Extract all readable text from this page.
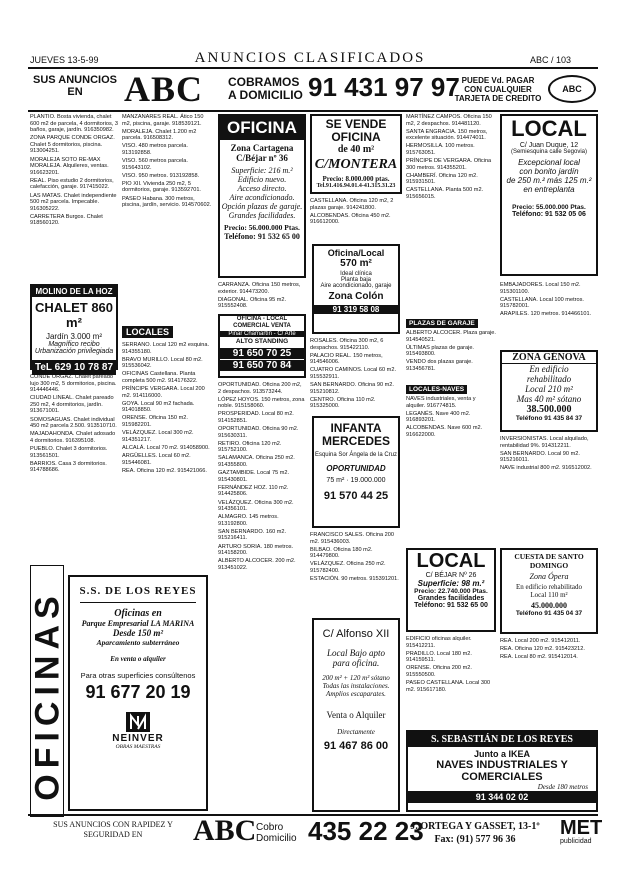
JUEVES 13-5-99	ANUNCIOS CLASIFICADOS	ABC / 103
SUS ANUNCIOS EN	ABC COBRAMOS A DOMICILIO 91 431 97 97 PUEDE Vd. PAGAR CON CUALQUIER TARJETA DE CREDITO
ABC

PLANTIO. Bosta vivienda, chalet 600 m2 de parcela, 4 dormitorios, 3 baños, garaje, jardín. 916350982.

ZONA PARQUE CONDE ORGAZ. Chalet 5 dormitorios, piscina. 913004251.

MORALEJA SOTO RE-MAX MORALEJA. Alquileres, ventas. 916623201.

REAL. Piso estudio 2 dormitorios, calefacción, garaje. 917415022.

LAS MATAS. Chalet independiente 500 m2 parcela. Impecable. 916305222.

CARRETERA Burgos. Chalet 918560120.

MOLINO DE LA HOZ
CHALET 860 m²
Jardín 3.000 m²
Magnífico recibo
Urbanización privilegiada
TeL 629 10 78 87

CONDE ORGAZ. Chalet pareado lujo 300 m2, 5 dormitorios, piscina. 914446446.

CIUDAD LINEAL. Chalet pareado 250 m2, 4 dormitorios, jardín. 913671001.

SOMOSAGUAS. Chalet individual 450 m2 parcela 2.500. 913510710.

MAJADAHONDA. Chalet adosado 4 dormitorios. 916395108.

PUEBLO. Chalet 3 dormitorios. 913561501.

BARRIOS. Casa 3 dormitorios. 914788686.

MANZANARES REAL. Ático 150 m2, piscina, garaje. 918539121.

MORALEJA. Chalet 1.200 m2 parcela. 916508312.

VISO. 480 metros parcela. 913192858.

VISO. 560 metros parcela. 915643102.

VISO. 950 metros. 913192858.

PIO XII. Vivienda 250 m2, 5 dormitorios, garaje. 913592701.

PASEO Habana. 300 metros, piscina, jardín, servicio. 914570602.

LOCALES

SERRANO. Local 120 m2 esquina. 914355180.

BRAVO MURILLO. Local 80 m2. 915536042.

OFICINAS Castellana. Planta completa 500 m2. 914176322.

PRÍNCIPE VERGARA. Local 200 m2. 914116000.

GOYA. Local 90 m2 fachada. 914018850.

ORENSE. Oficina 150 m2. 915982201.

VELÁZQUEZ. Local 300 m2. 914351217.

ALCALÁ. Local 70 m2. 914058900.

ARGÜELLES. Local 60 m2. 915446081.

REA. Oficina 120 m2. 915421066.

OFICINA
Zona Cartagena
C/Béjar nº 36
Superficie: 216 m.²
Edificio nuevo.
Acceso directo.
Aire acondicionado.
Opción plazas de garaje.
Grandes facilidades.
Precio: 56.000.000 Ptas.
Teléfono: 91 532 65 00

CARRANZA. Oficina 150 metros, exterior. 914473200.

DIAGONAL. Oficina 95 m2. 915552408.

OFICINA - LOCAL COMERCIAL VENTA
Pinar Chamartín - C/ Arte
ALTO STANDING
91 650 70 25
91 650 70 84

OPORTUNIDAD. Oficina 200 m2, 2 despachos. 913573244.

LÓPEZ HOYOS. 150 metros, zona noble. 915158060.

PROSPERIDAD. Local 80 m2. 914152851.

OPORTUNIDAD. Oficina 90 m2. 915630311.

RETIRO. Oficina 120 m2. 915752100.

SALAMANCA. Oficina 250 m2. 914355800.

GAZTAMBIDE. Local 75 m2. 915430801.

FERNÁNDEZ HOZ. 110 m2. 914425806.

VELÁZQUEZ. Oficina 300 m2. 914356101.

ALMAGRO. 145 metros. 913192800.

SAN BERNARDO. 160 m2. 915216411.

ARTURO SORIA. 180 metros. 914158200.

ALBERTO ALCOCER. 200 m2. 913451022.

SE VENDE OFICINA
de 40 m²
C/MONTERA
Precio: 8.000.000 ptas.
Tel.91.416.94.01.4-41.315.31.23

CASTELLANA. Oficina 120 m2, 2 plazas garaje. 914241800.

ALCOBENDAS. Oficina 450 m2. 916612000.

Oficina/Local
570 m²
Ideal clínica
Planta baja
Aire acondicionado, garaje
Zona Colón
91 319 58 08

ROSALES. Oficina 300 m2, 6 despachos. 915422110.

PALACIO REAL. 150 metros, 914546006.

CUATRO CAMINOS. Local 60 m2. 915532911.

SAN BERNARDO. Oficina 90 m2. 915210812.

CENTRO. Oficina 110 m2. 915325000.

INFANTA MERCEDES
Esquina Sor Ángela de la Cruz
OPORTUNIDAD
75 m² · 19.000.000
91 570 44 25

FRANCISCO SALES. Oficina 200 m2. 915436003.

BILBAO. Oficina 180 m2. 914479800.

VELÁZQUEZ. Oficina 250 m2. 915782400.

ESTACIÓN. 90 metros. 915391201.

C/ Alfonso XII
Local Bajo apto
para oficina.
200 m² + 120 m² sótano
Todas las instalaciones.
Amplios escaparates.
Venta o Alquiler
Directamente
91 467 86 00

MARTÍNEZ CAMPOS. Oficina 150 m2, 2 despachos. 914481120.

SANTA ENGRACIA. 150 metros, excelente situación. 914474011.

HERMOSILLA. 100 metros. 915763051.

PRÍNCIPE DE VERGARA. Oficina 300 metros. 914355201.

CHAMBERÍ. Oficina 120 m2. 915931501.

CASTELLANA. Planta 500 m2. 915656015.

PLAZAS DE GARAJE

ALBERTO ALCOCER. Plaza garaje. 914540521.

ÚLTIMAS plazas de garaje. 915493800.

VENDO dos plazas garaje. 913456781.

LOCALES-NAVES

NAVES industriales, venta y alquiler. 916774815.

LEGANÉS. Nave 400 m2. 916893201.

ALCOBENDAS. Nave 600 m2. 916622000.

LOCAL
C/ BÉJAR Nº 26
Superficie: 98 m.²
Precio: 22.740.000 Ptas.
Grandes facilidades
Teléfono: 91 532 65 00

EDIFICIO oficinas alquiler. 915412211.

PRADILLO. Local 180 m2. 914159511.

ORENSE. Oficina 200 m2. 915550500.

PASEO CASTELLANA. Local 300 m2. 915617180.

LOCAL
C/ Juan Duque, 12
(Semiesquina calle Segovia)
Excepcional local
con bonito jardín
de 250 m.² más 125 m.²
en entreplanta
Precio: 55.000.000 Ptas.
Teléfono: 91 532 05 06

EMBAJADORES. Local 150 m2. 915301100.

CASTELLANA. Local 100 metros. 915782001.

ARAPILES. 120 metros. 914466101.

ZONA GÉNOVA
En edificio
rehabilitado
Local 210 m²
Mas 40 m² sótano
38.500.000
Teléfono 91 435 84 37

INVERSIONISTAS. Local alquilado, rentabilidad 9%. 914312211.

SAN BERNARDO. Local 90 m2. 915216011.

NAVE industrial 800 m2. 916512002.

CUESTA DE SANTO DOMINGO
Zona Ópera
En edificio rehabilitado
Local 110 m²
45.000.000
Teléfono 91 435 04 37

REA. Local 200 m2. 915412011.

REA. Oficina 120 m2. 915423212.

REA. Local 80 m2. 915412014.

OFICINAS	S.S. DE LOS REYES
Oficinas en
Parque Empresarial LA MARINA
Desde 150 m²
Aparcamiento subterráneo
En venta o alquiler
Para otras superficies consúltenos
91 677 20 19
NEINVER
OBRAS MAESTRAS
S. SEBASTIÁN DE LOS REYES
Junto a IKEA
NAVES INDUSTRIALES Y
COMERCIALES
Desde 180 metros
91 344 02 02
SUS ANUNCIOS CON RAPIDEZ Y SEGURIDAD EN	ABC Cobro Domicilio 435 22 23
J. ORTEGA Y GASSET, 13-1º
Fax: (91) 577 96 36
MET
publicidad
